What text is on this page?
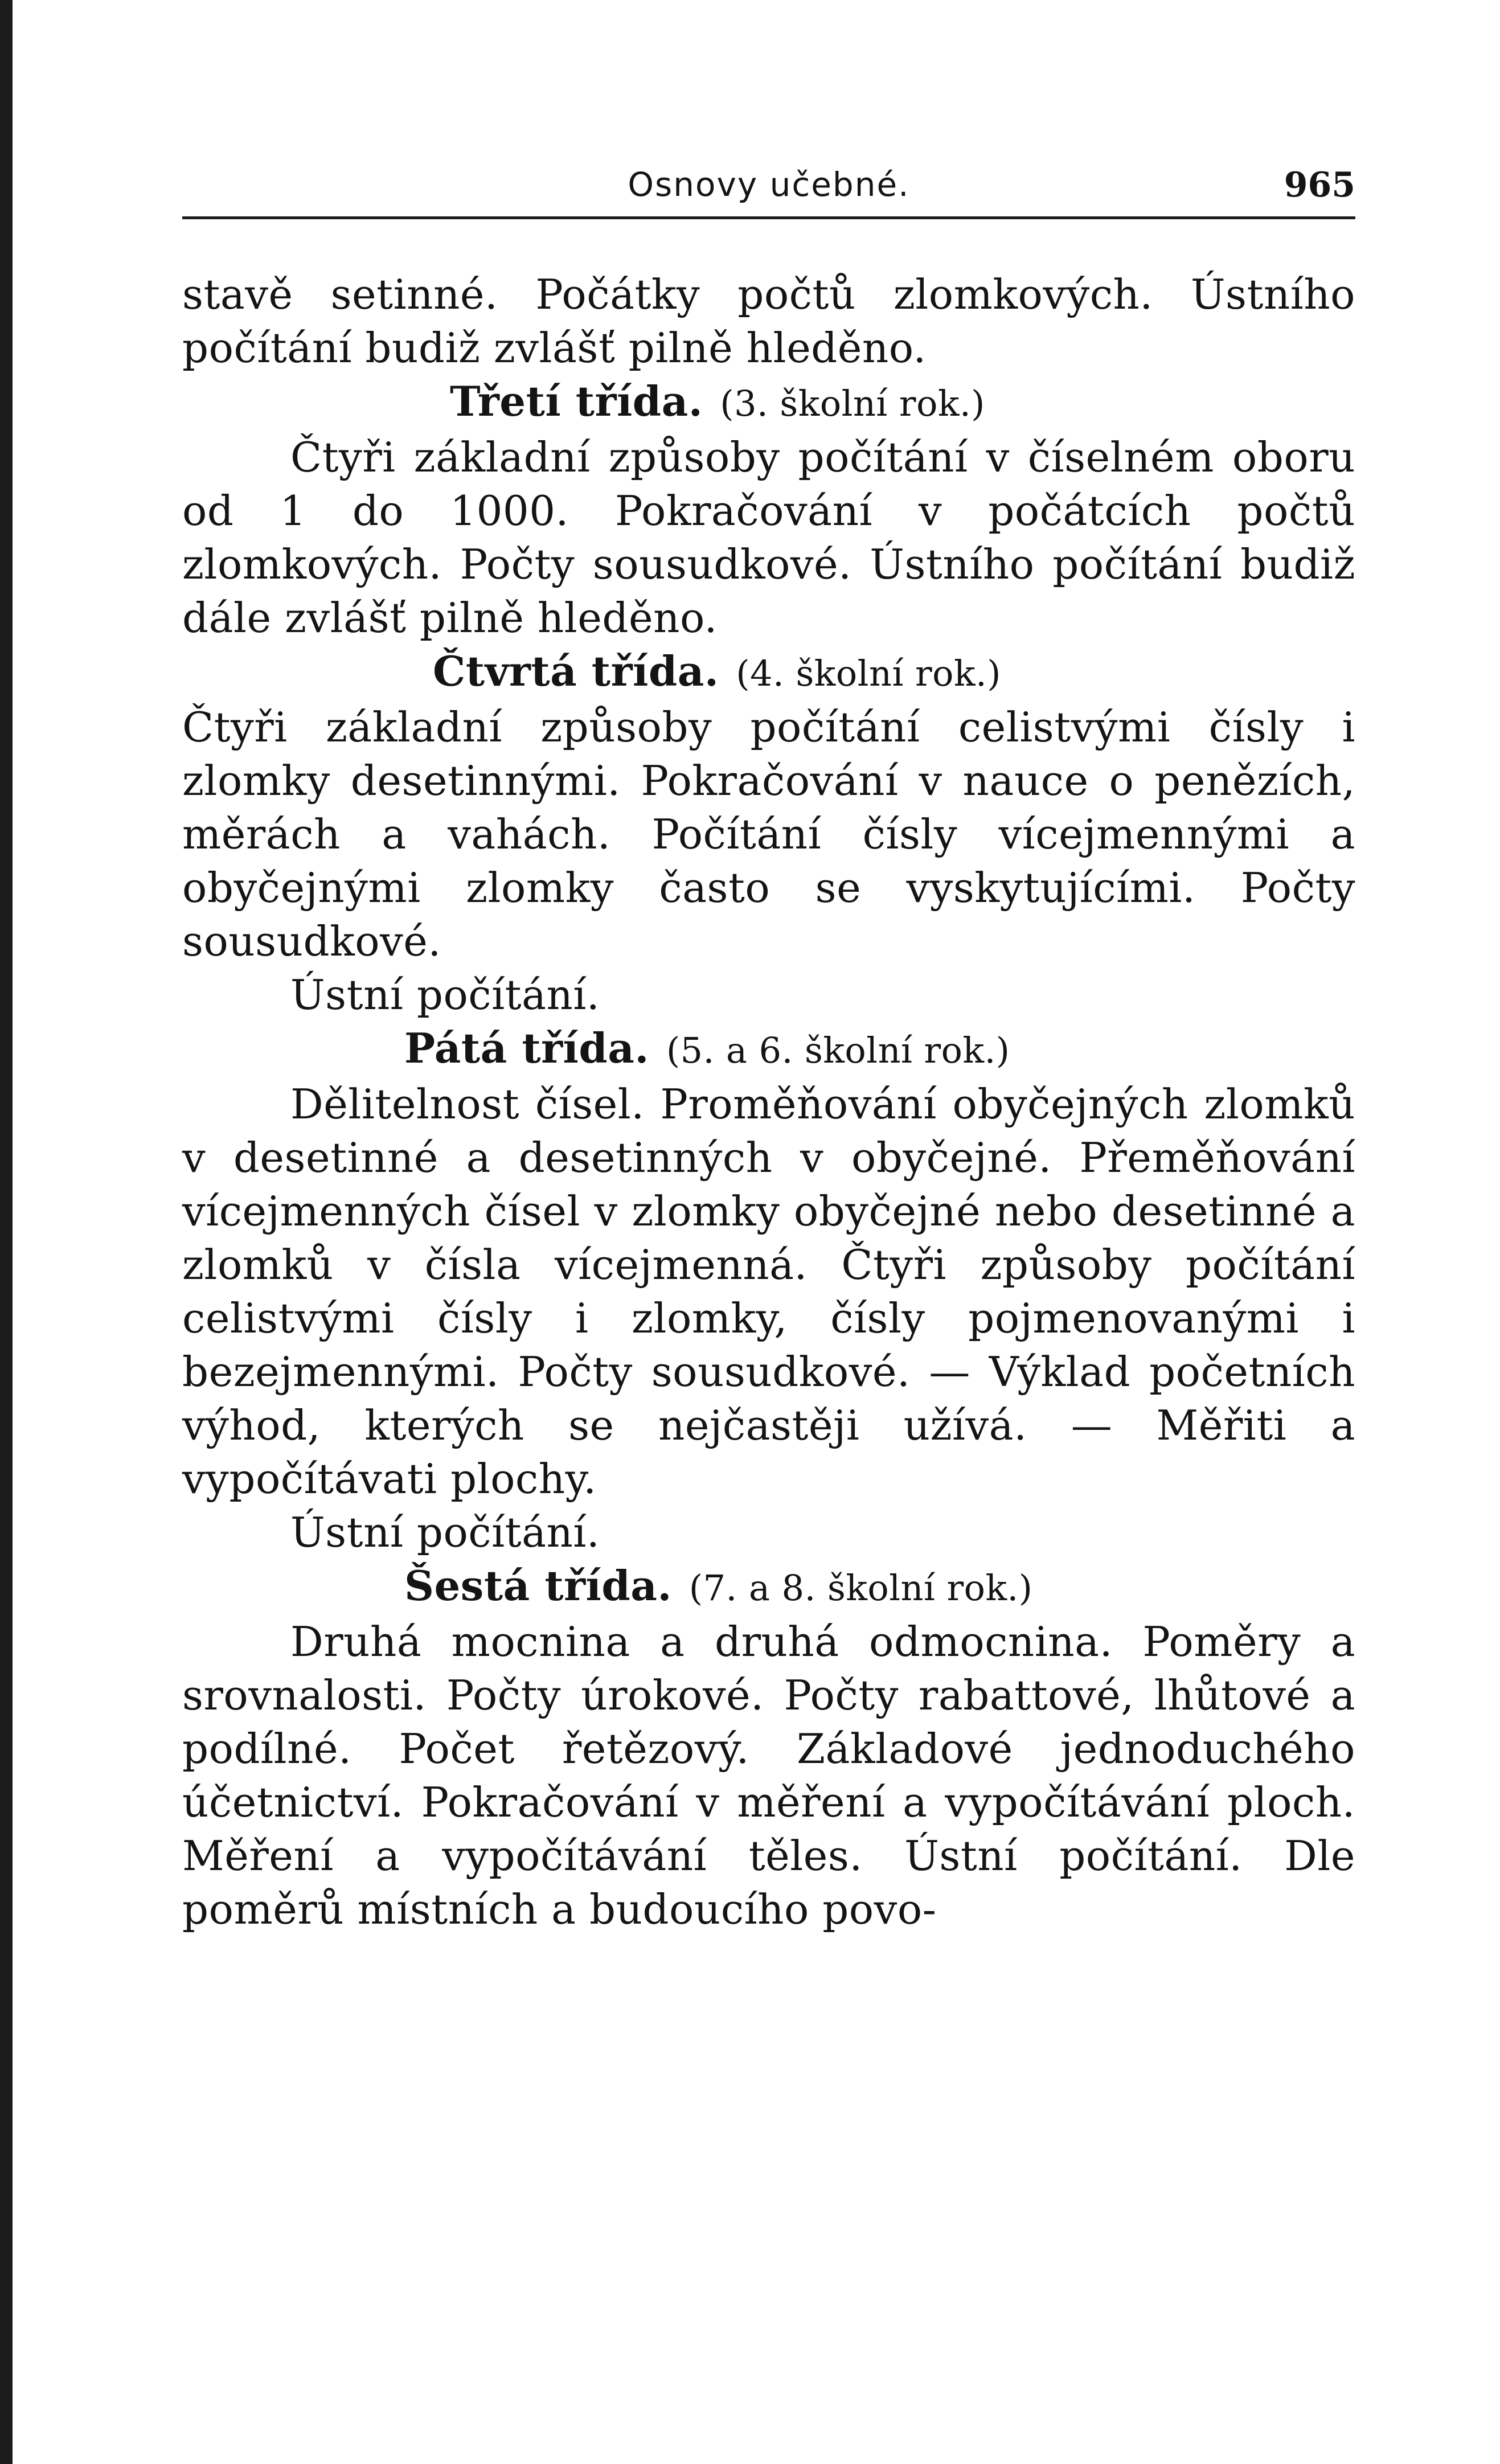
Osnovy učebné.	965

stavě setinné. Počátky počtů zlomkových. Ústního počítání budiž zvlášť pilně hleděno.

Třetí třída. (3. školní rok.)

Čtyři základní způsoby počítání v číselném oboru od 1 do 1000. Pokračování v počátcích počtů zlomkových. Počty sousudkové. Ústního počítání budiž dále zvlášť pilně hleděno.

Čtvrtá třída. (4. školní rok.)

Čtyři základní způsoby počítání celistvými čísly i zlomky desetinnými. Pokračování v nauce o penězích, měrách a vahách. Počítání čísly vícejmennými a obyčejnými zlomky často se vyskytujícími. Počty sousudkové.

Ústní počítání.

Pátá třída. (5. a 6. školní rok.)

Dělitelnost čísel. Proměňování obyčejných zlomků v desetinné a desetinných v obyčejné. Přeměňování vícejmenných čísel v zlomky obyčejné nebo desetinné a zlomků v čísla vícejmenná. Čtyři způsoby počítání celistvými čísly i zlomky, čísly pojmenovanými i bezejmennými. Počty sousudkové. — Výklad početních výhod, kterých se nejčastěji užívá. — Měřiti a vypočítávati plochy.

Ústní počítání.

Šestá třída. (7. a 8. školní rok.)

Druhá mocnina a druhá odmocnina. Poměry a srovnalosti. Počty úrokové. Počty rabattové, lhůtové a podílné. Počet řetězový. Základové jednoduchého účetnictví. Pokračování v měření a vypočítávání ploch. Měření a vypočítávání těles. Ústní počítání. Dle poměrů místních a budoucího povo-
